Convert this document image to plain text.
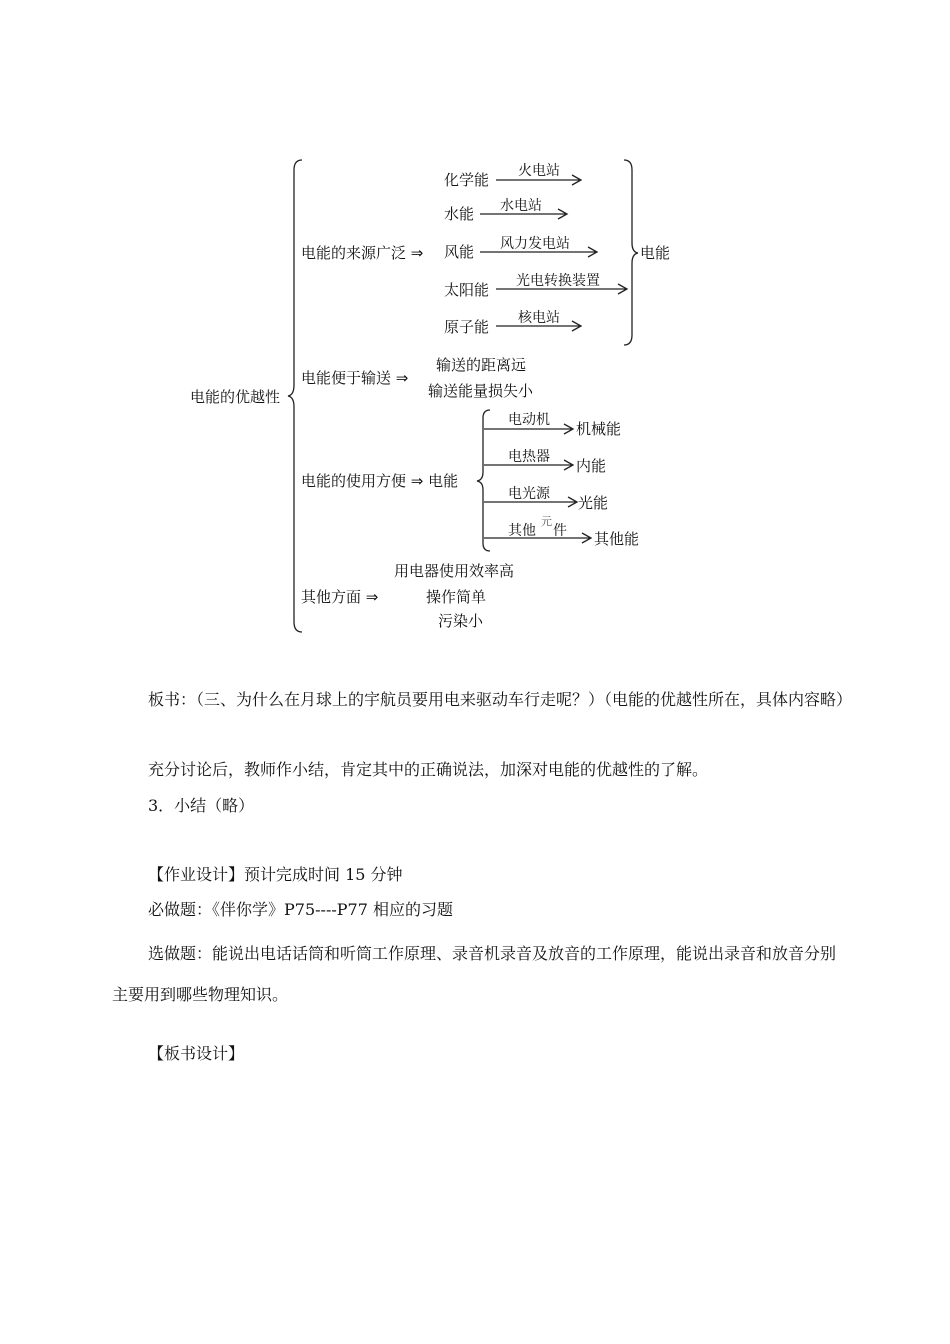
电能的优越性
电能的来源广泛 ⇒
化学能 火电站
水能 水电站
风能 风力发电站
太阳能 光电转换装置
原子能 核电站
电能
电能便于输送 ⇒
输送的距离远
输送能量损失小
电能的使用方便 ⇒ 电能
电动机 机械能
电热器 内能
电光源 光能
其他
元
件 其他能
其他方面 ⇒
用电器使用效率高
操作简单
污染小

板书：（三、为什么在月球上的宇航员要用电来驱动车行走呢？）（电能的优越性所在，具体内容略）

充分讨论后，教师作小结，肯定其中的正确说法，加深对电能的优越性的了解。

3．小结（略）

【作业设计】预计完成时间 15 分钟

必做题：《伴你学》P75----P77 相应的习题

选做题：能说出电话话筒和听筒工作原理、录音机录音及放音的工作原理，能说出录音和放音分别主要用到哪些物理知识。

【板书设计】
